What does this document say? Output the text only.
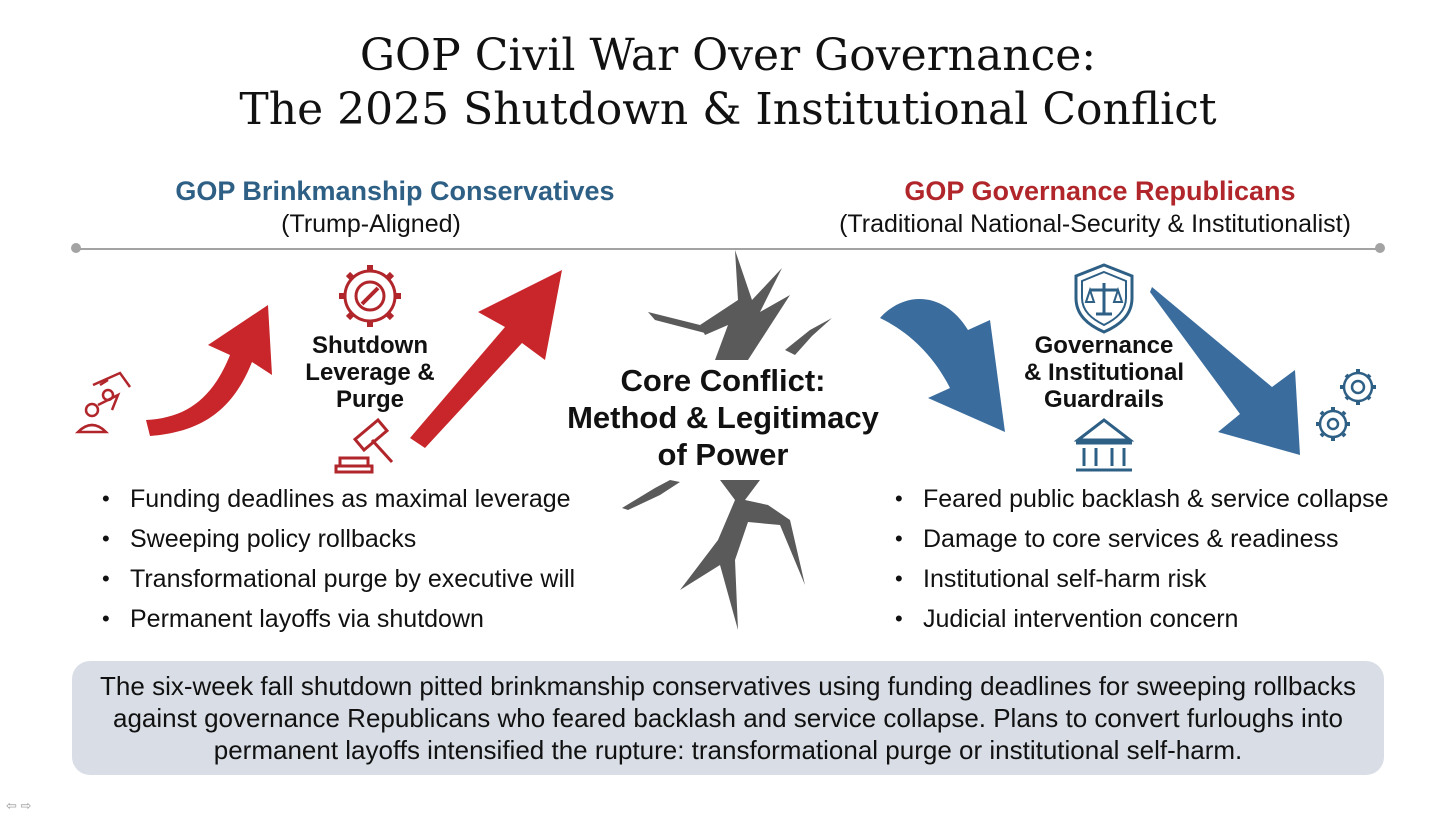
GOP Civil War Over Governance:
The 2025 Shutdown & Institutional Conflict
GOP Brinkmanship Conservatives
(Trump-Aligned)
GOP Governance Republicans
(Traditional National-Security & Institutionalist)
Shutdown
Leverage &
Purge
Governance
& Institutional
Guardrails
Core Conflict:
Method & Legitimacy
of Power
• Funding deadlines as maximal leverage
• Sweeping policy rollbacks
• Transformational purge by executive will
• Permanent layoffs via shutdown
• Feared public backlash & service collapse
• Damage to core services & readiness
• Institutional self-harm risk
• Judicial intervention concern

The six-week fall shutdown pitted brinkmanship conservatives using funding deadlines for sweeping rollbacks against governance Republicans who feared backlash and service collapse. Plans to convert furloughs into permanent layoffs intensified the rupture: transformational purge or institutional self-harm.

⇦ ⇨
